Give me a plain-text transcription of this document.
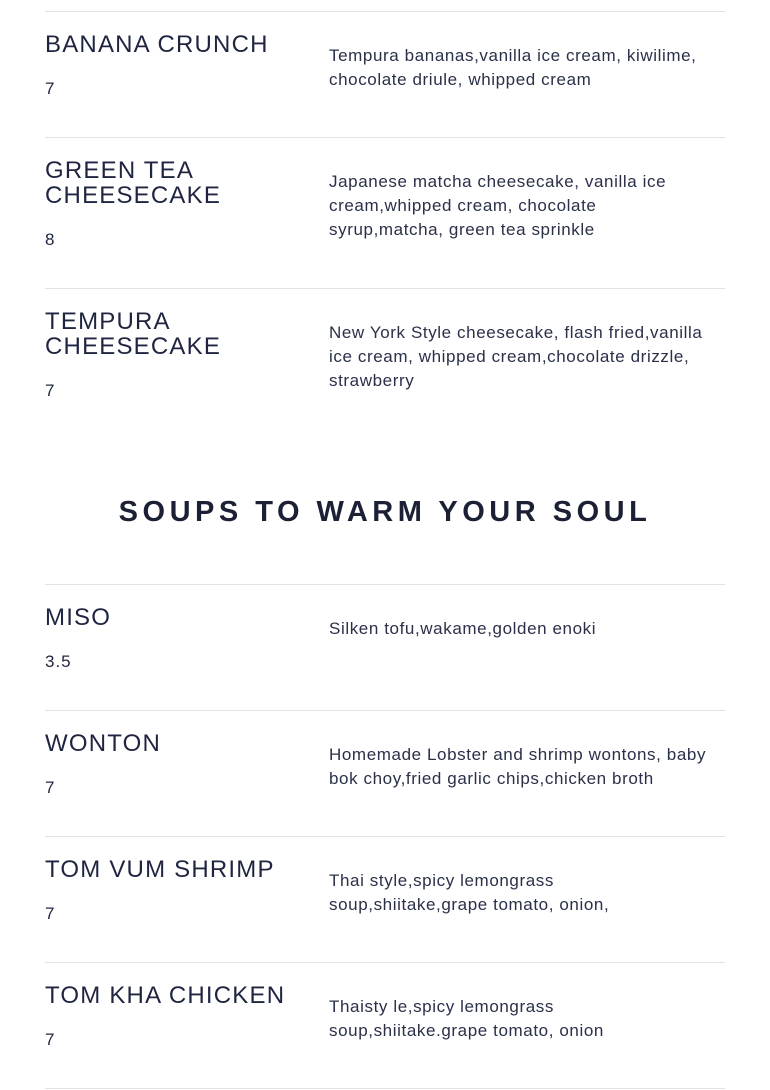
BANANA CRUNCH
7

Tempura bananas,vanilla ice cream, kiwilime, chocolate driule, whipped cream

GREEN TEA CHEESECAKE
8

Japanese matcha cheesecake, vanilla ice cream,whipped cream, chocolate syrup,matcha, green tea sprinkle

TEMPURA CHEESECAKE
7

New York Style cheesecake, flash fried,vanilla ice cream, whipped cream,chocolate drizzle, strawberry

SOUPS TO WARM YOUR SOUL
MISO
3.5

Silken tofu,wakame,golden enoki

WONTON
7

Homemade Lobster and shrimp wontons, baby bok choy,fried garlic chips,chicken broth

TOM VUM SHRIMP
7

Thai style,spicy lemongrass soup,shiitake,grape tomato, onion,

TOM KHA CHICKEN
7

Thaisty le,spicy lemongrass soup,shiitake.grape tomato, onion
